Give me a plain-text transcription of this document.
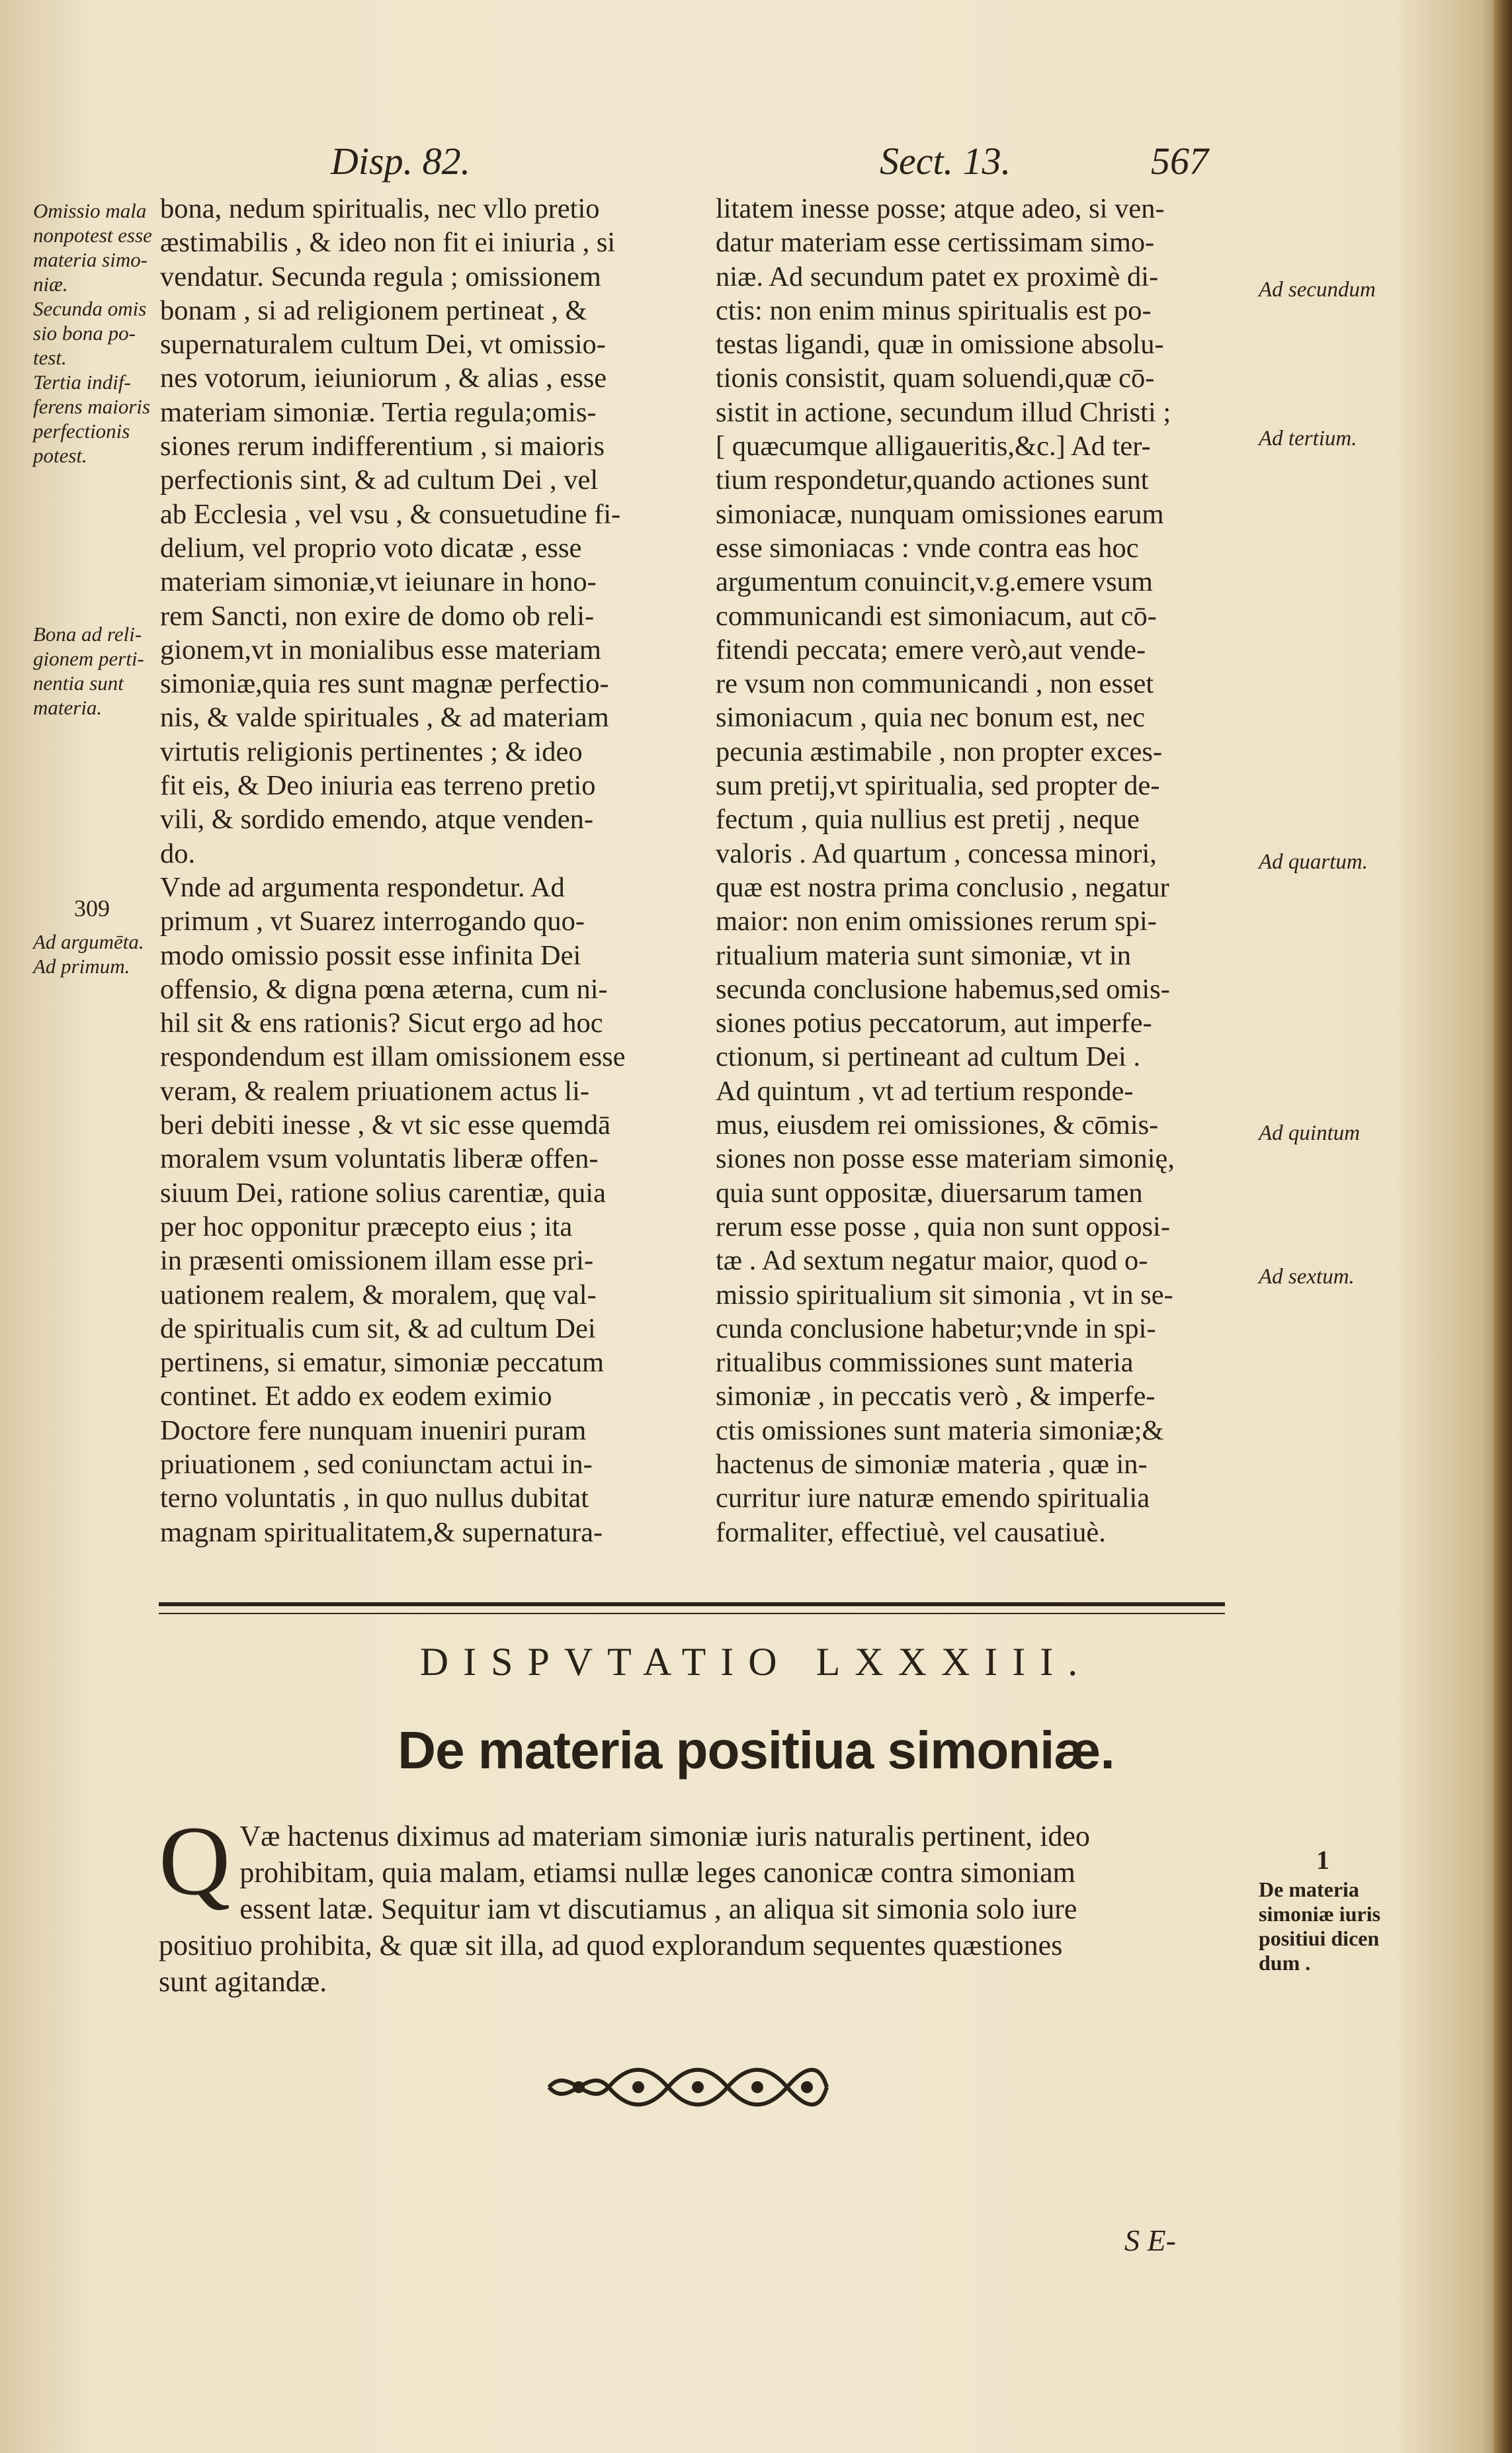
Disp. 82.	Sect. 13.	567
Omissio mala
nonpotest esse
materia simo-
niæ.
Secunda omis
sio bona po-
test.
Tertia indif-
ferens maioris
perfectionis
potest.
Bona ad reli-
gionem perti-
nentia sunt
materia.
309
Ad argumēta.
Ad primum.
Ad secundum
Ad tertium.
Ad quartum.
Ad quintum
Ad sextum.
bona, nedum spiritualis, nec vllo pretio
æstimabilis , & ideo non fit ei iniuria , si
vendatur. Secunda regula ; omissionem
bonam , si ad religionem pertineat , &
supernaturalem cultum Dei, vt omissio-
nes votorum, ieiuniorum , & alias , esse
materiam simoniæ. Tertia regula;omis-
siones rerum indifferentium , si maioris
perfectionis sint, & ad cultum Dei , vel
ab Ecclesia , vel vsu , & consuetudine fi-
delium, vel proprio voto dicatæ , esse
materiam simoniæ,vt ieiunare in hono-
rem Sancti, non exire de domo ob reli-
gionem,vt in monialibus esse materiam
simoniæ,quia res sunt magnæ perfectio-
nis, & valde spirituales , & ad materiam
virtutis religionis pertinentes ; & ideo
fit eis, & Deo iniuria eas terreno pretio
vili, & sordido emendo, atque venden-
do.
Vnde ad argumenta respondetur. Ad
primum , vt Suarez interrogando quo-
modo omissio possit esse infinita Dei
offensio, & digna pœna æterna, cum ni-
hil sit & ens rationis? Sicut ergo ad hoc
respondendum est illam omissionem esse
veram, & realem priuationem actus li-
beri debiti inesse , & vt sic esse quemdā
moralem vsum voluntatis liberæ offen-
siuum Dei, ratione solius carentiæ, quia
per hoc opponitur præcepto eius ; ita
in præsenti omissionem illam esse pri-
uationem realem, & moralem, quę val-
de spiritualis cum sit, & ad cultum Dei
pertinens, si ematur, simoniæ peccatum
continet. Et addo ex eodem eximio
Doctore fere nunquam inueniri puram
priuationem , sed coniunctam actui in-
terno voluntatis , in quo nullus dubitat
magnam spiritualitatem,& supernatura-
litatem inesse posse; atque adeo, si ven-
datur materiam esse certissimam simo-
niæ. Ad secundum patet ex proximè di-
ctis: non enim minus spiritualis est po-
testas ligandi, quæ in omissione absolu-
tionis consistit, quam soluendi,quæ cō-
sistit in actione, secundum illud Christi ;
[ quæcumque alligaueritis,&c.] Ad ter-
tium respondetur,quando actiones sunt
simoniacæ, nunquam omissiones earum
esse simoniacas : vnde contra eas hoc
argumentum conuincit,v.g.emere vsum
communicandi est simoniacum, aut cō-
fitendi peccata; emere verò,aut vende-
re vsum non communicandi , non esset
simoniacum , quia nec bonum est, nec
pecunia æstimabile , non propter exces-
sum pretij,vt spiritualia, sed propter de-
fectum , quia nullius est pretij , neque
valoris . Ad quartum , concessa minori,
quæ est nostra prima conclusio , negatur
maior: non enim omissiones rerum spi-
ritualium materia sunt simoniæ, vt in
secunda conclusione habemus,sed omis-
siones potius peccatorum, aut imperfe-
ctionum, si pertineant ad cultum Dei .
Ad quintum , vt ad tertium responde-
mus, eiusdem rei omissiones, & cōmis-
siones non posse esse materiam simonię,
quia sunt oppositæ, diuersarum tamen
rerum esse posse , quia non sunt opposi-
tæ . Ad sextum negatur maior, quod o-
missio spiritualium sit simonia , vt in se-
cunda conclusione habetur;vnde in spi-
ritualibus commissiones sunt materia
simoniæ , in peccatis verò , & imperfe-
ctis omissiones sunt materia simoniæ;&
hactenus de simoniæ materia , quæ in-
curritur iure naturæ emendo spiritualia
formaliter, effectiuè, vel causatiuè.
DISPVTATIO LXXXIII.
De materia positiua simoniæ.
Q Væ hactenus diximus ad materiam simoniæ iuris naturalis pertinent, ideo
prohibitam, quia malam, etiamsi nullæ leges canonicæ contra simoniam
essent latæ. Sequitur iam vt discutiamus , an aliqua sit simonia solo iure
positiuo prohibita, & quæ sit illa, ad quod explorandum sequentes quæstiones
sunt agitandæ.
1
De materia
simoniæ iuris
positiui dicen
dum .
S E-
